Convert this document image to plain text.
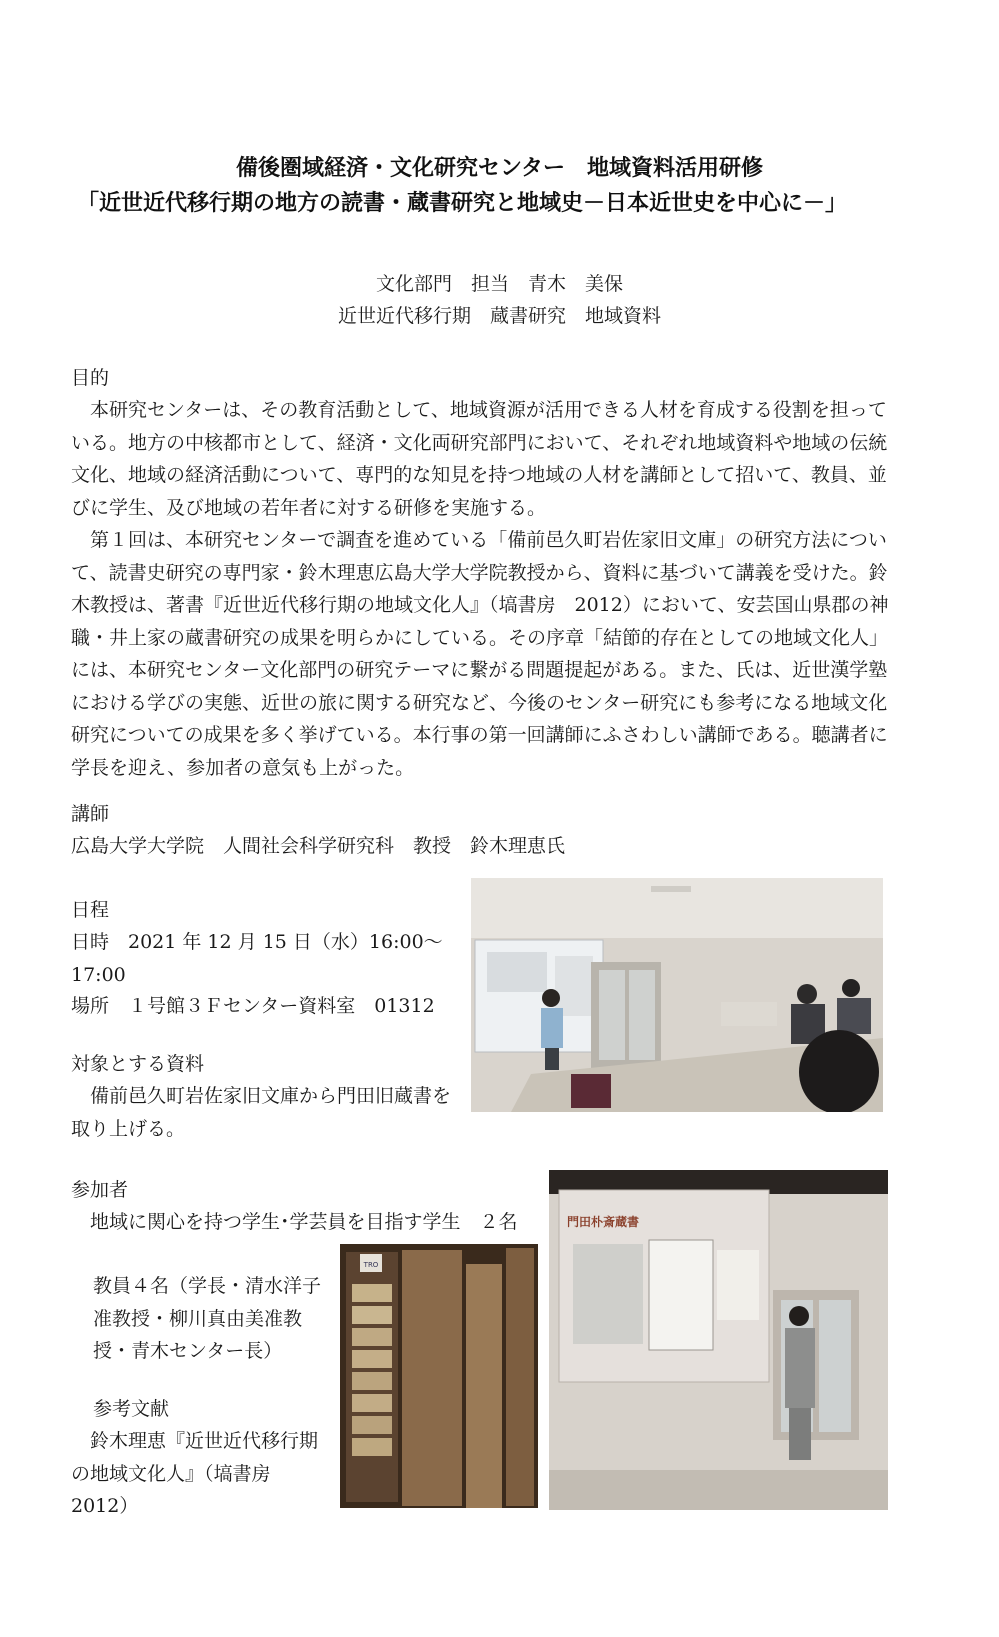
備後圏域経済・文化研究センター　地域資料活用研修
「近世近代移行期の地方の読書・蔵書研究と地域史－日本近世史を中心に－」
文化部門　担当　青木　美保
近世近代移行期　蔵書研究　地域資料
目的
本研究センターは、その教育活動として、地域資源が活用できる人材を育成する役割を担っている。地方の中核都市として、経済・文化両研究部門において、それぞれ地域資料や地域の伝統文化、地域の経済活動について、専門的な知見を持つ地域の人材を講師として招いて、教員、並びに学生、及び地域の若年者に対する研修を実施する。
第１回は、本研究センターで調査を進めている「備前邑久町岩佐家旧文庫」の研究方法について、読書史研究の専門家・鈴木理恵広島大学大学院教授から、資料に基づいて講義を受けた。鈴木教授は、著書『近世近代移行期の地域文化人』（塙書房　2012）において、安芸国山県郡の神職・井上家の蔵書研究の成果を明らかにしている。その序章「結節的存在としての地域文化人」には、本研究センター文化部門の研究テーマに繋がる問題提起がある。また、氏は、近世漢学塾における学びの実態、近世の旅に関する研究など、今後のセンター研究にも参考になる地域文化研究についての成果を多く挙げている。本行事の第一回講師にふさわしい講師である。聴講者に学長を迎え、参加者の意気も上がった。
講師
広島大学大学院　人間社会科学研究科　教授　鈴木理恵氏
日程
日時　2021 年 12 月 15 日（水）16:00～17:00
場所　１号館３Ｆセンター資料室　01312
対象とする資料
備前邑久町岩佐家旧文庫から門田旧蔵書を取り上げる。
参加者
地域に関心を持つ学生･学芸員を目指す学生　２名
教員４名（学長・清水洋子准教授・柳川真由美准教授・青木センター長）
参考文献
鈴木理恵『近世近代移行期の地域文化人』（塙書房 2012）
TRO
門田朴斎蔵書
